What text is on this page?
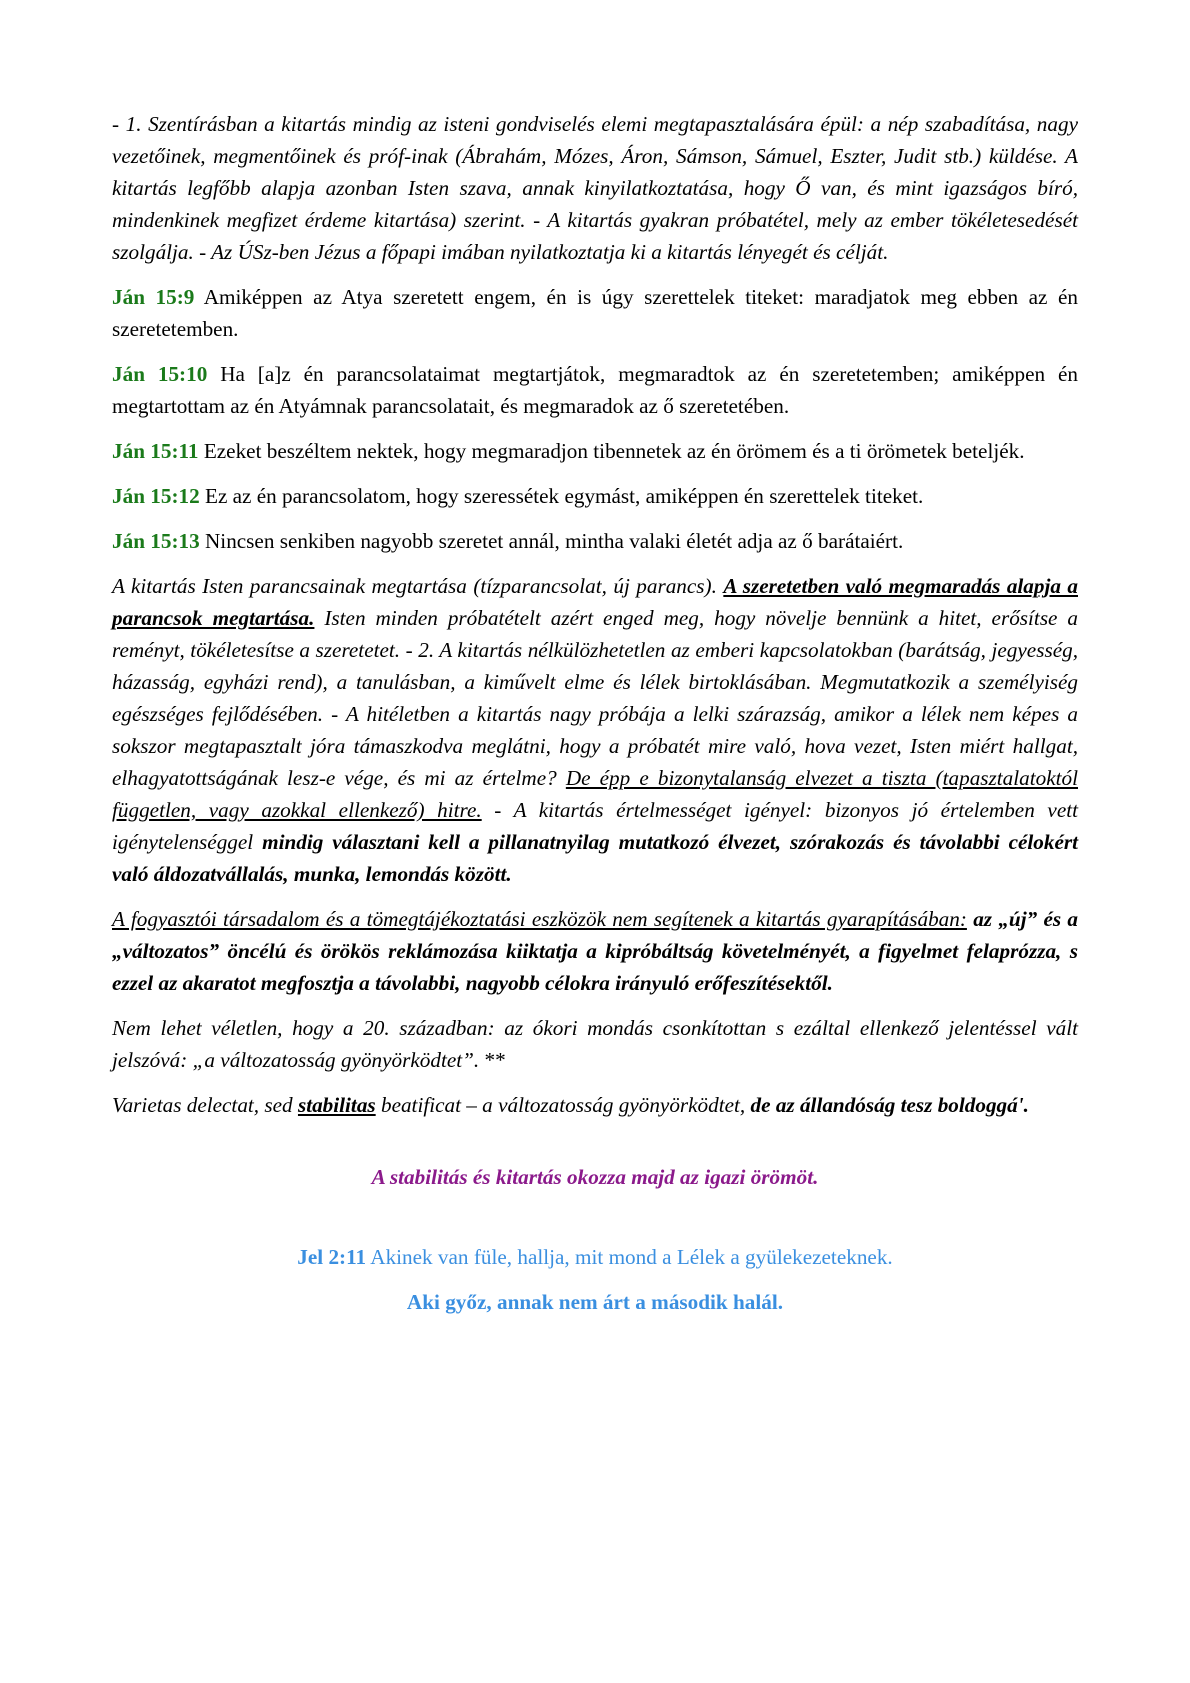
- 1. Szentírásban a kitartás mindig az isteni gondviselés elemi megtapasztalására épül: a nép szabadítása, nagy vezetőinek, megmentőinek és próf-inak (Ábrahám, Mózes, Áron, Sámson, Sámuel, Eszter, Judit stb.) küldése. A kitartás legfőbb alapja azonban Isten szava, annak kinyilatkoztatása, hogy Ő van, és mint igazságos bíró, mindenkinek megfizet érdeme kitartása) szerint. - A kitartás gyakran próbatétel, mely az ember tökéletesedését szolgálja. - Az ÚSz-ben Jézus a főpapi imában nyilatkoztatja ki a kitartás lényegét és célját.

Ján 15:9 Amiképpen az Atya szeretett engem, én is úgy szerettelek titeket: maradjatok meg ebben az én szeretetemben.

Ján 15:10 Ha [a]z én parancsolataimat megtartjátok, megmaradtok az én szeretetemben; amiképpen én megtartottam az én Atyámnak parancsolatait, és megmaradok az ő szeretetében.

Ján 15:11 Ezeket beszéltem nektek, hogy megmaradjon tibennetek az én örömem és a ti örömetek beteljék.

Ján 15:12 Ez az én parancsolatom, hogy szeressétek egymást, amiképpen én szerettelek titeket.

Ján 15:13 Nincsen senkiben nagyobb szeretet annál, mintha valaki életét adja az ő barátaiért.

A kitartás Isten parancsainak megtartása (tízparancsolat, új parancs). A szeretetben való megmaradás alapja a parancsok megtartása. Isten minden próbatételt azért enged meg, hogy növelje bennünk a hitet, erősítse a reményt, tökéletesítse a szeretetet. - 2. A kitartás nélkülözhetetlen az emberi kapcsolatokban (barátság, jegyesség, házasság, egyházi rend), a tanulásban, a kiművelt elme és lélek birtoklásában. Megmutatkozik a személyiség egészséges fejlődésében. - A hitéletben a kitartás nagy próbája a lelki szárazság, amikor a lélek nem képes a sokszor megtapasztalt jóra támaszkodva meglátni, hogy a próbatét mire való, hova vezet, Isten miért hallgat, elhagyatottságának lesz-e vége, és mi az értelme? De épp e bizonytalanság elvezet a tiszta (tapasztalatoktól független, vagy azokkal ellenkező) hitre. - A kitartás értelmességet igényel: bizonyos jó értelemben vett igénytelenséggel mindig választani kell a pillanatnyilag mutatkozó élvezet, szórakozás és távolabbi célokért való áldozatvállalás, munka, lemondás között.

A fogyasztói társadalom és a tömegtájékoztatási eszközök nem segítenek a kitartás gyarapításában: az „új” és a „változatos” öncélú és örökös reklámozása kiiktatja a kipróbáltság követelményét, a figyelmet felaprózza, s ezzel az akaratot megfosztja a távolabbi, nagyobb célokra irányuló erőfeszítésektől.

Nem lehet véletlen, hogy a 20. században: az ókori mondás csonkítottan s ezáltal ellenkező jelentéssel vált jelszóvá: „a változatosság gyönyörködtet”. **

Varietas delectat, sed stabilitas beatificat – a változatosság gyönyörködtet, de az állandóság tesz boldoggá'.

A stabilitás és kitartás okozza majd az igazi örömöt.

Jel 2:11 Akinek van füle, hallja, mit mond a Lélek a gyülekezeteknek.

Aki győz, annak nem árt a második halál.
